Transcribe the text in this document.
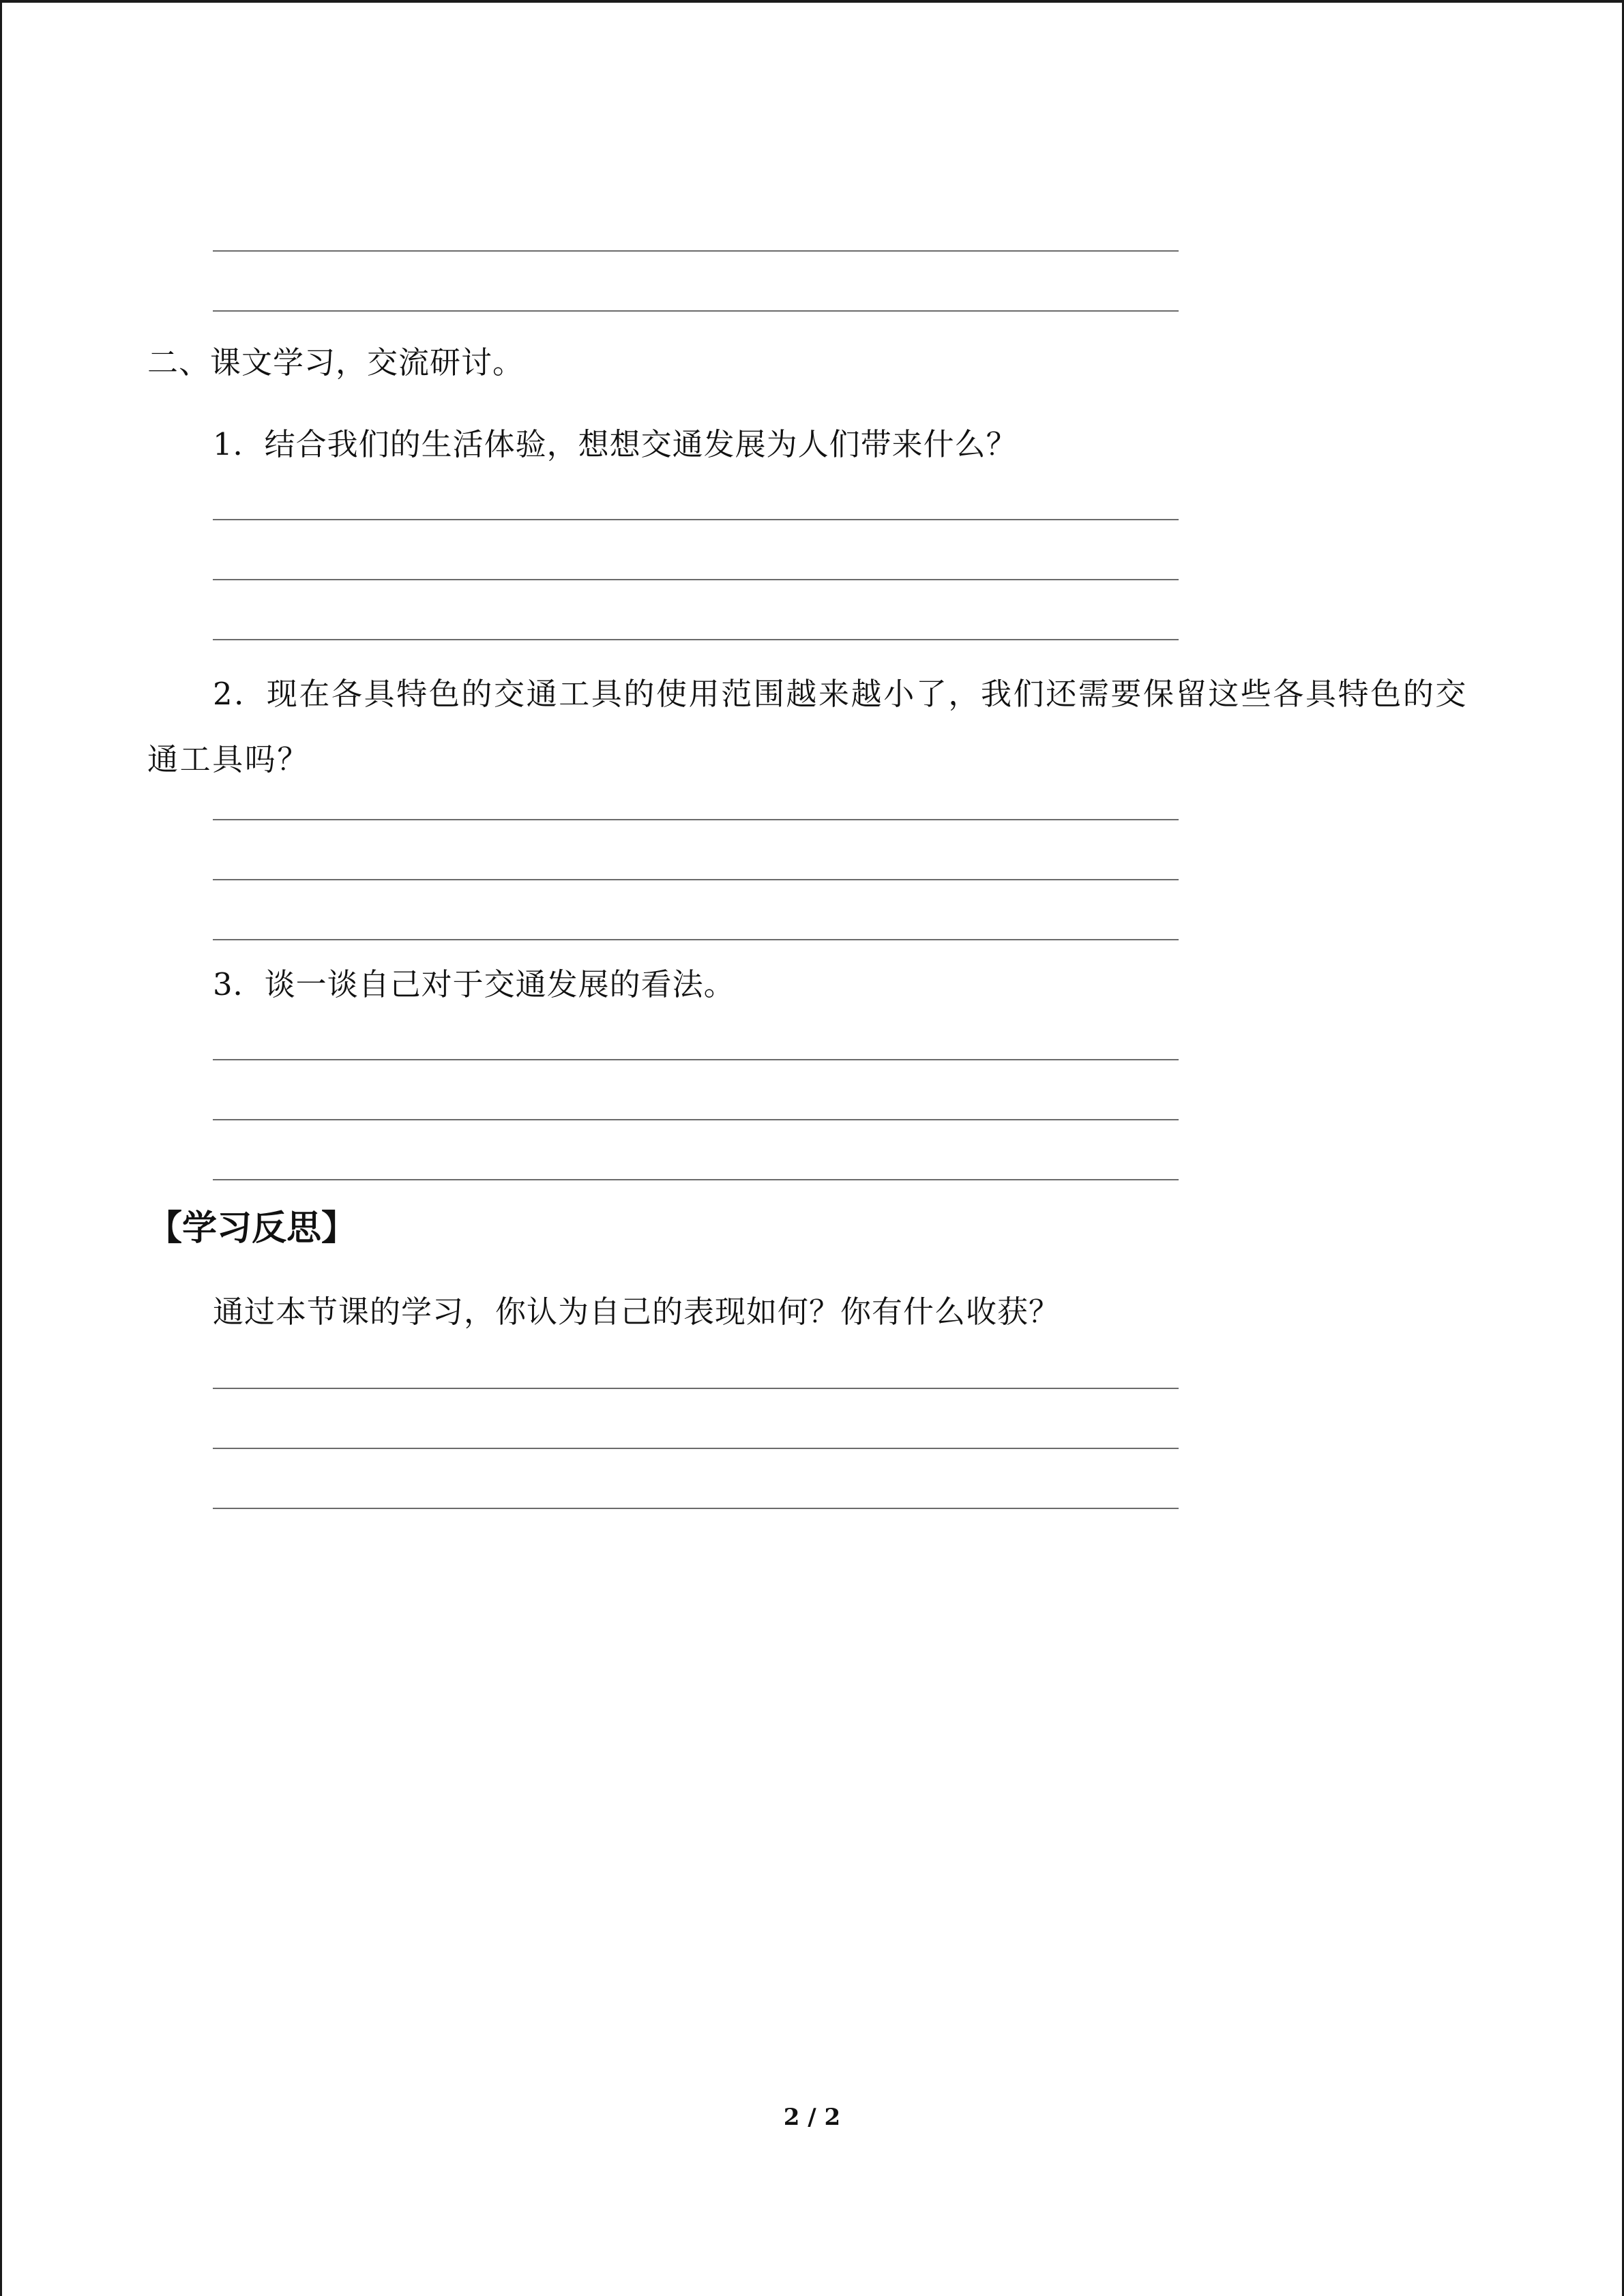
二、课文学习，交流研讨。
1．结合我们的生活体验，想想交通发展为人们带来什么？
2．现在各具特色的交通工具的使用范围越来越小了，我们还需要保留这些各具特色的交通工具吗？
3．谈一谈自己对于交通发展的看法。
【学习反思】
通过本节课的学习，你认为自己的表现如何？你有什么收获？
2 / 2
